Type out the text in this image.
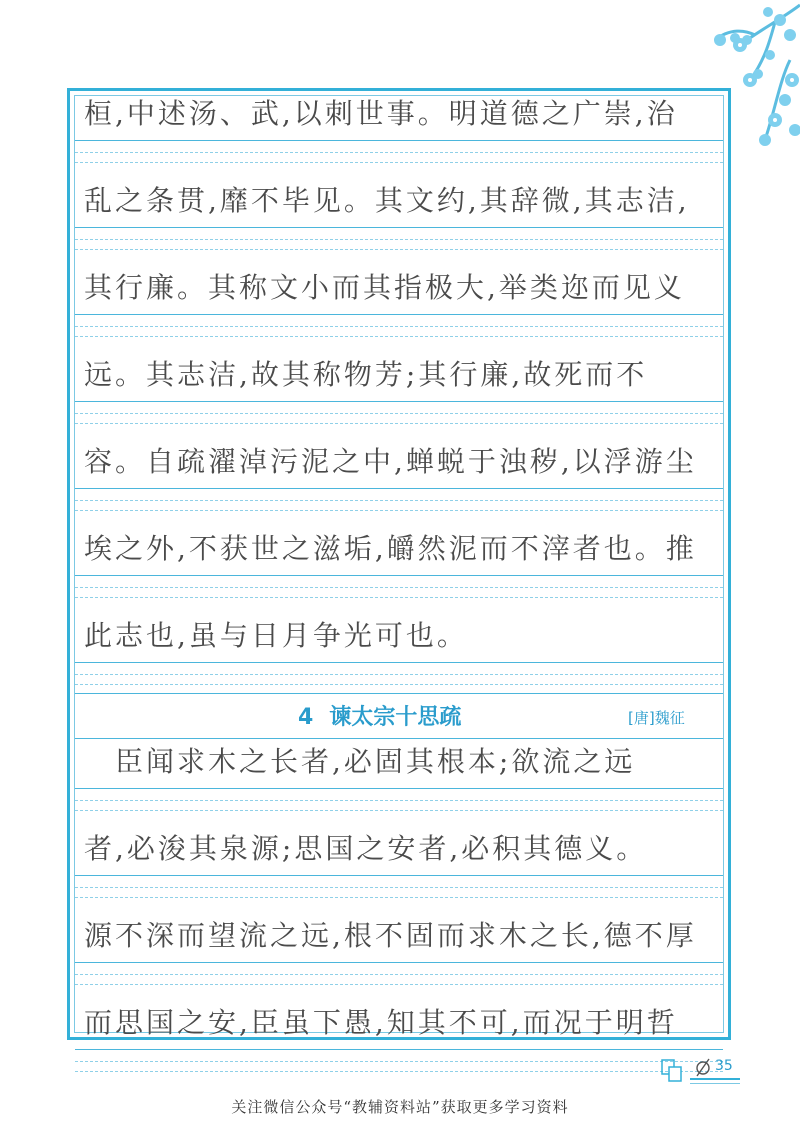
桓,中述汤、武,以刺世事。明道德之广崇,治
乱之条贯,靡不毕见。其文约,其辞微,其志洁,
其行廉。其称文小而其指极大,举类迩而见义
远。其志洁,故其称物芳;其行廉,故死而不
容。自疏濯淖污泥之中,蝉蜕于浊秽,以浮游尘
埃之外,不获世之滋垢,皭然泥而不滓者也。推
此志也,虽与日月争光可也。
4 谏太宗十思疏	[唐]魏征
　臣闻求木之长者,必固其根本;欲流之远
者,必浚其泉源;思国之安者,必积其德义。
源不深而望流之远,根不固而求木之长,德不厚
而思国之安,臣虽下愚,知其不可,而况于明哲
35
关注微信公众号“教辅资料站”获取更多学习资料
